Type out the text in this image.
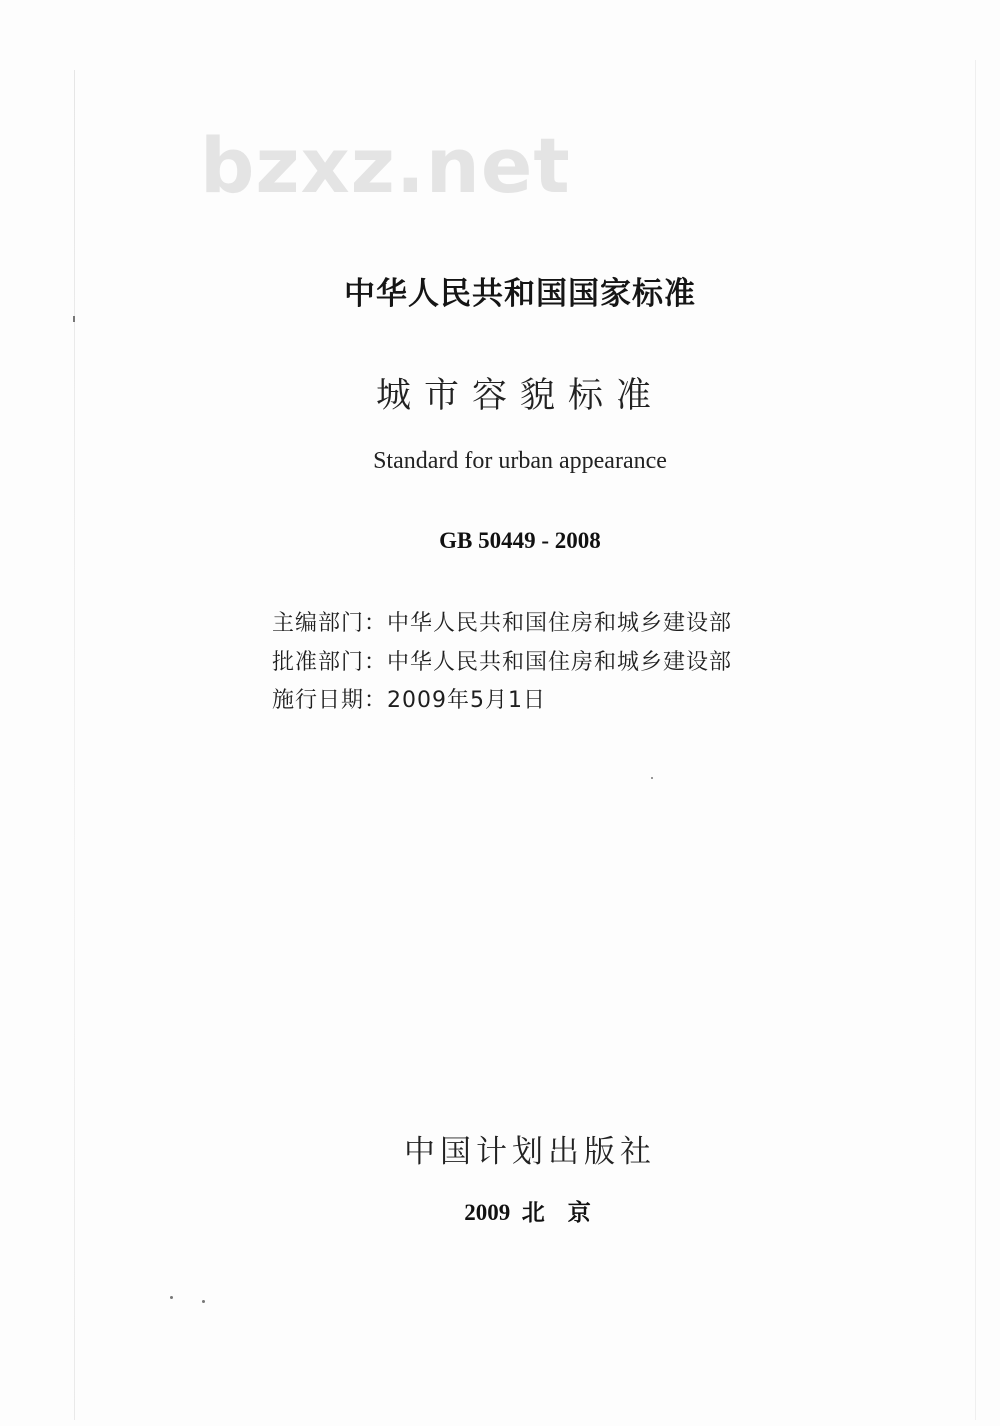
bzxz.net
中华人民共和国国家标准
城市容貌标准
Standard for urban appearance
GB 50449 - 2008
主编部门：中华人民共和国住房和城乡建设部
批准部门：中华人民共和国住房和城乡建设部
施行日期：2009年5月1日
中国计划出版社
2009  北    京
